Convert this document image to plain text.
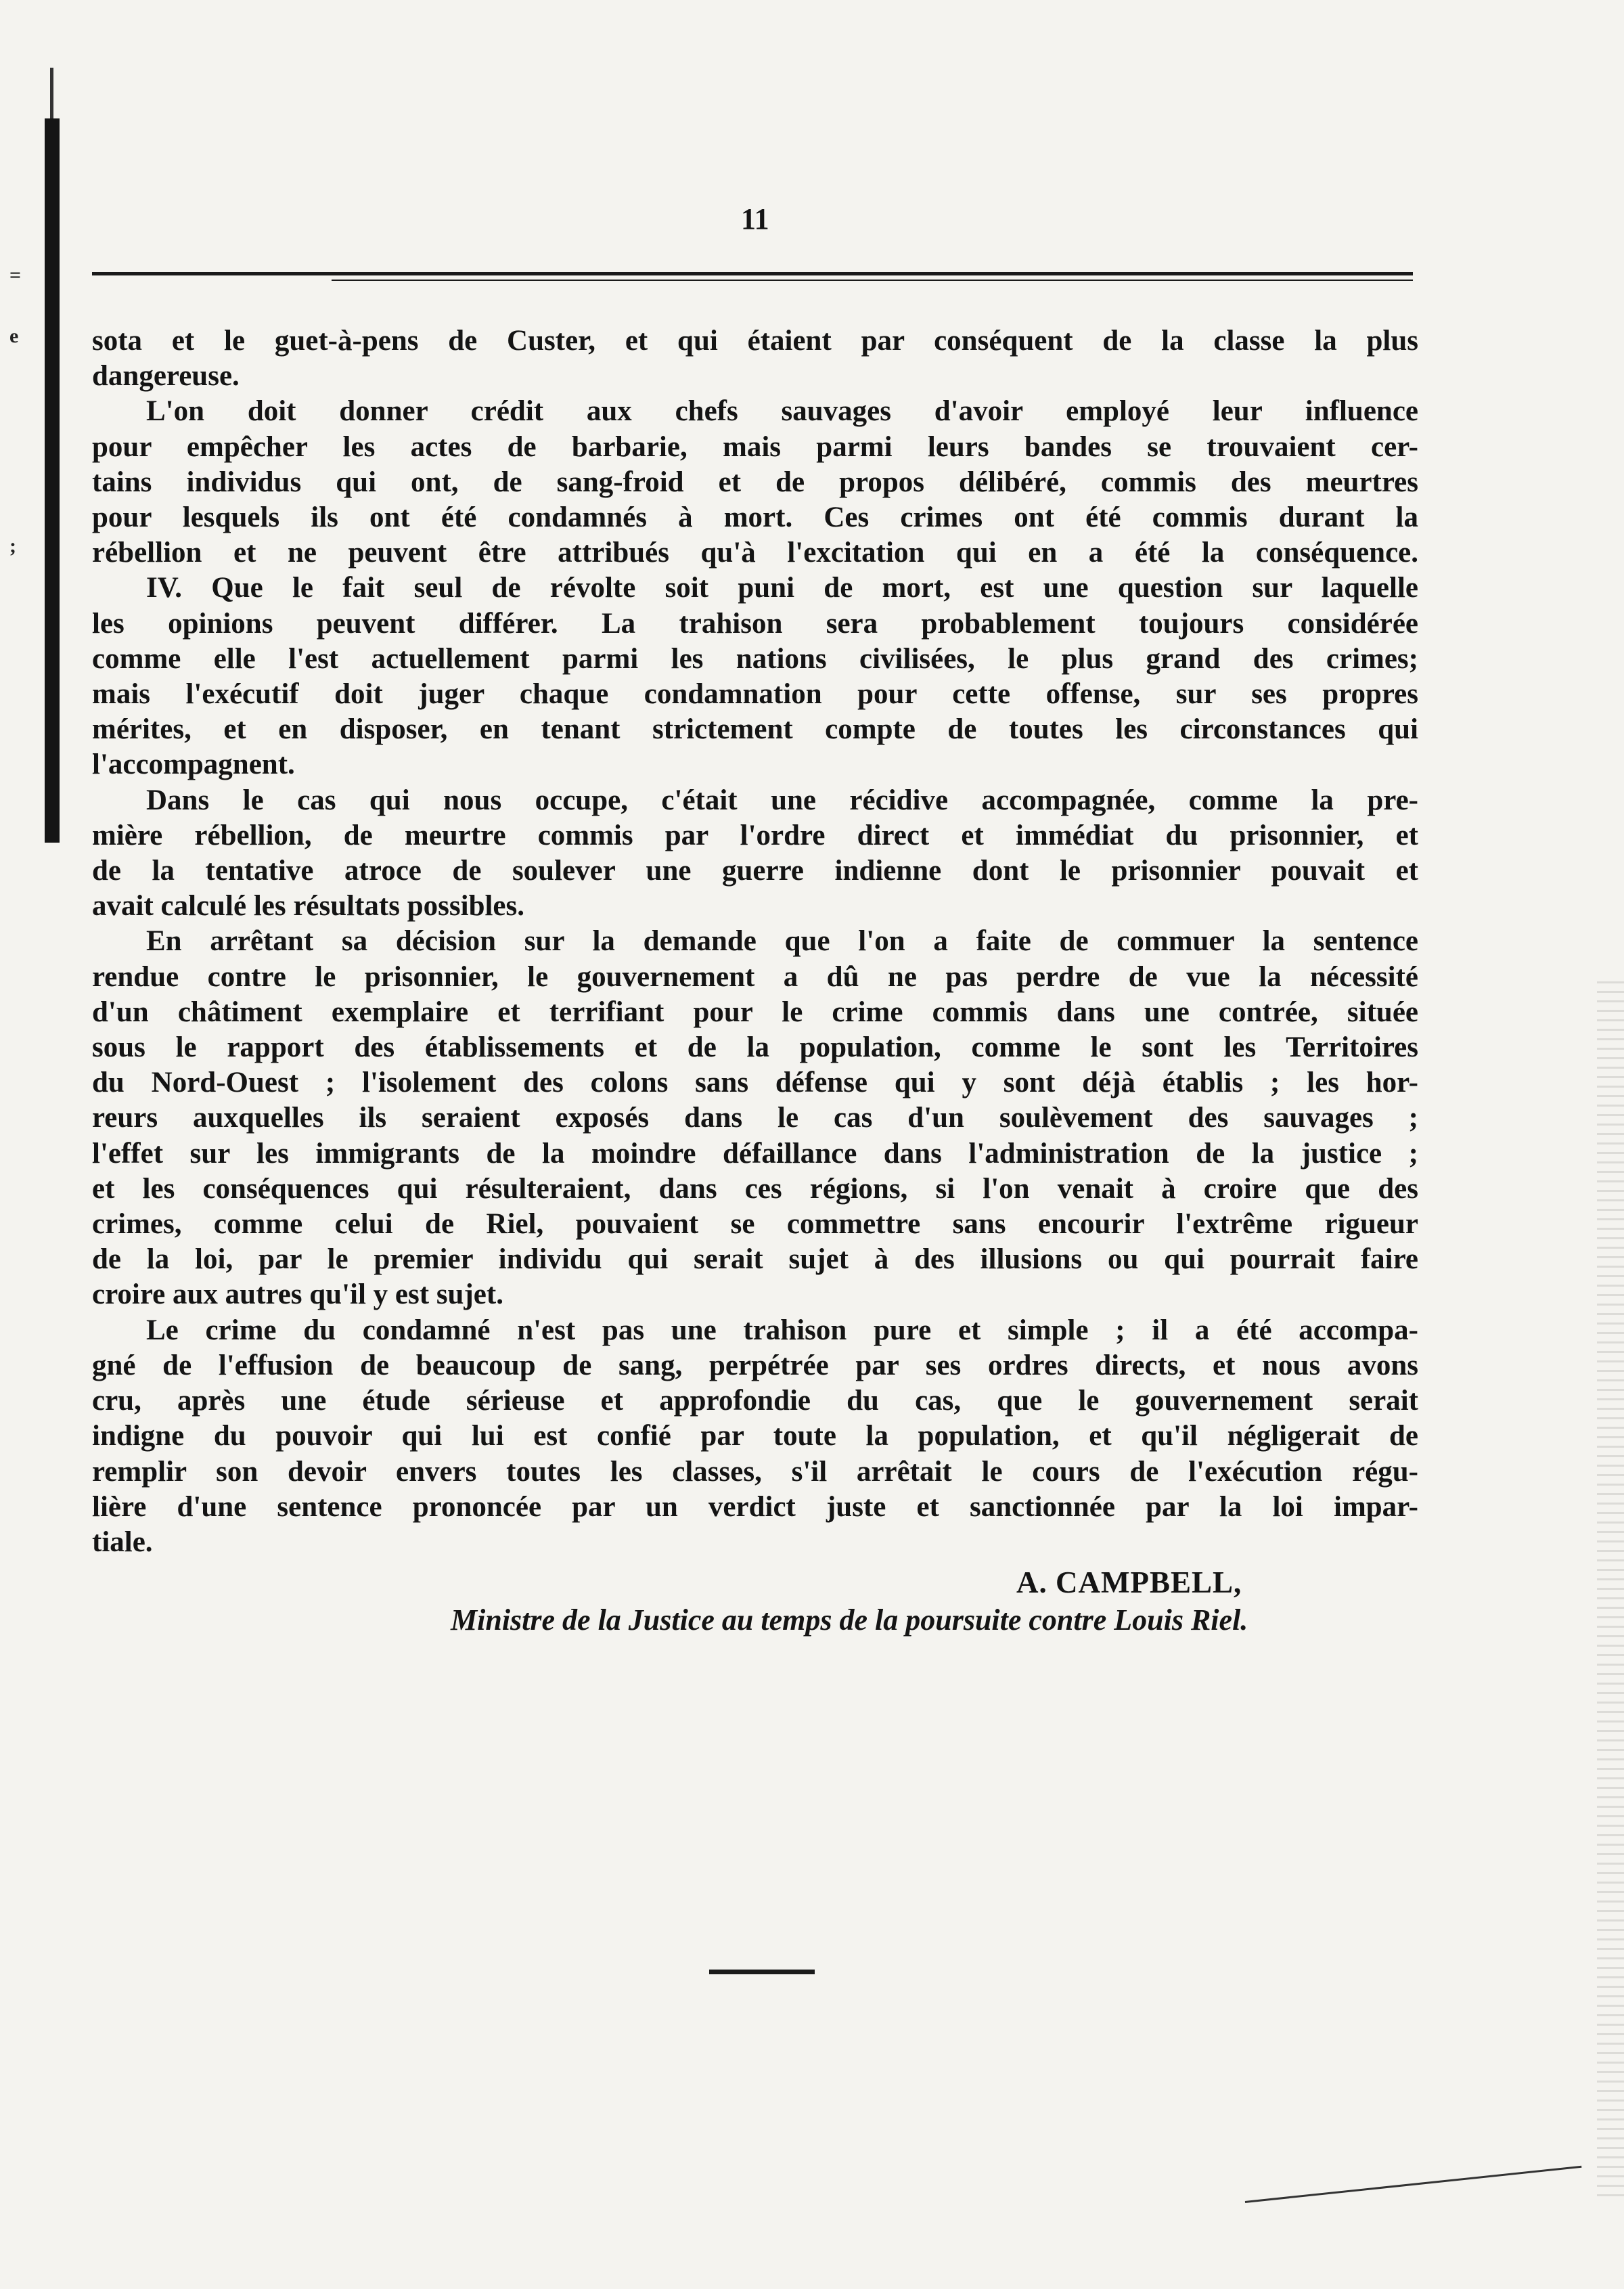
=
e
;
11
sota et le guet-à-pens de Custer, et qui étaient par conséquent de la classe la plus
dangereuse.
L'on doit donner crédit aux chefs sauvages d'avoir employé leur influence
pour empêcher les actes de barbarie, mais parmi leurs bandes se trouvaient cer-
tains individus qui ont, de sang-froid et de propos délibéré, commis des meurtres
pour lesquels ils ont été condamnés à mort. Ces crimes ont été commis durant la
rébellion et ne peuvent être attribués qu'à l'excitation qui en a été la conséquence.
IV. Que le fait seul de révolte soit puni de mort, est une question sur laquelle
les opinions peuvent différer. La trahison sera probablement toujours considérée
comme elle l'est actuellement parmi les nations civilisées, le plus grand des crimes;
mais l'exécutif doit juger chaque condamnation pour cette offense, sur ses propres
mérites, et en disposer, en tenant strictement compte de toutes les circonstances qui
l'accompagnent.
Dans le cas qui nous occupe, c'était une récidive accompagnée, comme la pre-
mière rébellion, de meurtre commis par l'ordre direct et immédiat du prisonnier, et
de la tentative atroce de soulever une guerre indienne dont le prisonnier pouvait et
avait calculé les résultats possibles.
En arrêtant sa décision sur la demande que l'on a faite de commuer la sentence
rendue contre le prisonnier, le gouvernement a dû ne pas perdre de vue la nécessité
d'un châtiment exemplaire et terrifiant pour le crime commis dans une contrée, située
sous le rapport des établissements et de la population, comme le sont les Territoires
du Nord-Ouest ; l'isolement des colons sans défense qui y sont déjà établis ; les hor-
reurs auxquelles ils seraient exposés dans le cas d'un soulèvement des sauvages ;
l'effet sur les immigrants de la moindre défaillance dans l'administration de la justice ;
et les conséquences qui résulteraient, dans ces régions, si l'on venait à croire que des
crimes, comme celui de Riel, pouvaient se commettre sans encourir l'extrême rigueur
de la loi, par le premier individu qui serait sujet à des illusions ou qui pourrait faire
croire aux autres qu'il y est sujet.
Le crime du condamné n'est pas une trahison pure et simple ; il a été accompa-
gné de l'effusion de beaucoup de sang, perpétrée par ses ordres directs, et nous avons
cru, après une étude sérieuse et approfondie du cas, que le gouvernement serait
indigne du pouvoir qui lui est confié par toute la population, et qu'il négligerait de
remplir son devoir envers toutes les classes, s'il arrêtait le cours de l'exécution régu-
lière d'une sentence prononcée par un verdict juste et sanctionnée par la loi impar-
tiale.
A. CAMPBELL,
Ministre de la Justice au temps de la poursuite contre Louis Riel.
